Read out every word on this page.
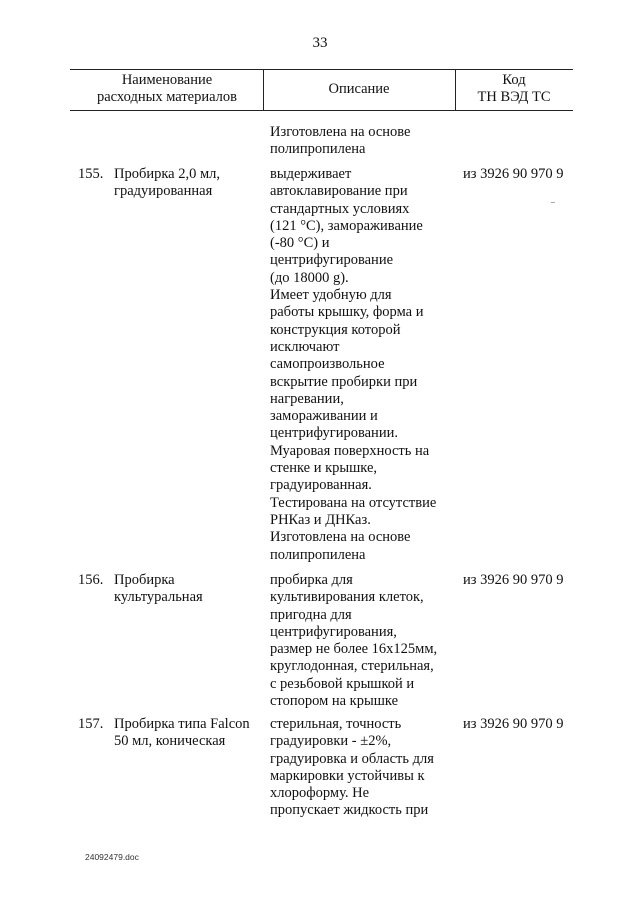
33
Наименование
расходных материалов	Описание
Код
ТН ВЭД ТС
Изготовлена на основе
полипропилена
155. Пробирка 2,0 мл,
градуированная
выдерживает
автоклавирование при
стандартных условиях
(121 °C), замораживание
(-80 °C) и
центрифугирование
(до 18000 g).
Имеет удобную для
работы крышку, форма и
конструкция которой
исключают
самопроизвольное
вскрытие пробирки при
нагревании,
замораживании и
центрифугировании.
Муаровая поверхность на
стенке и крышке,
градуированная.
Тестирована на отсутствие
РНКаз и ДНКаз.
Изготовлена на основе
полипропилена
из 3926 90 970 9
156. Пробирка
культуральная
пробирка для
культивирования клеток,
пригодна для
центрифугирования,
размер не более 16х125мм,
круглодонная, стерильная,
с резьбовой крышкой и
стопором на крышке
из 3926 90 970 9
157. Пробирка типа Falcon
50 мл, коническая
стерильная, точность
градуировки - ±2%,
градуировка и область для
маркировки устойчивы к
хлороформу. Не
пропускает жидкость при
из 3926 90 970 9
24092479.doc
